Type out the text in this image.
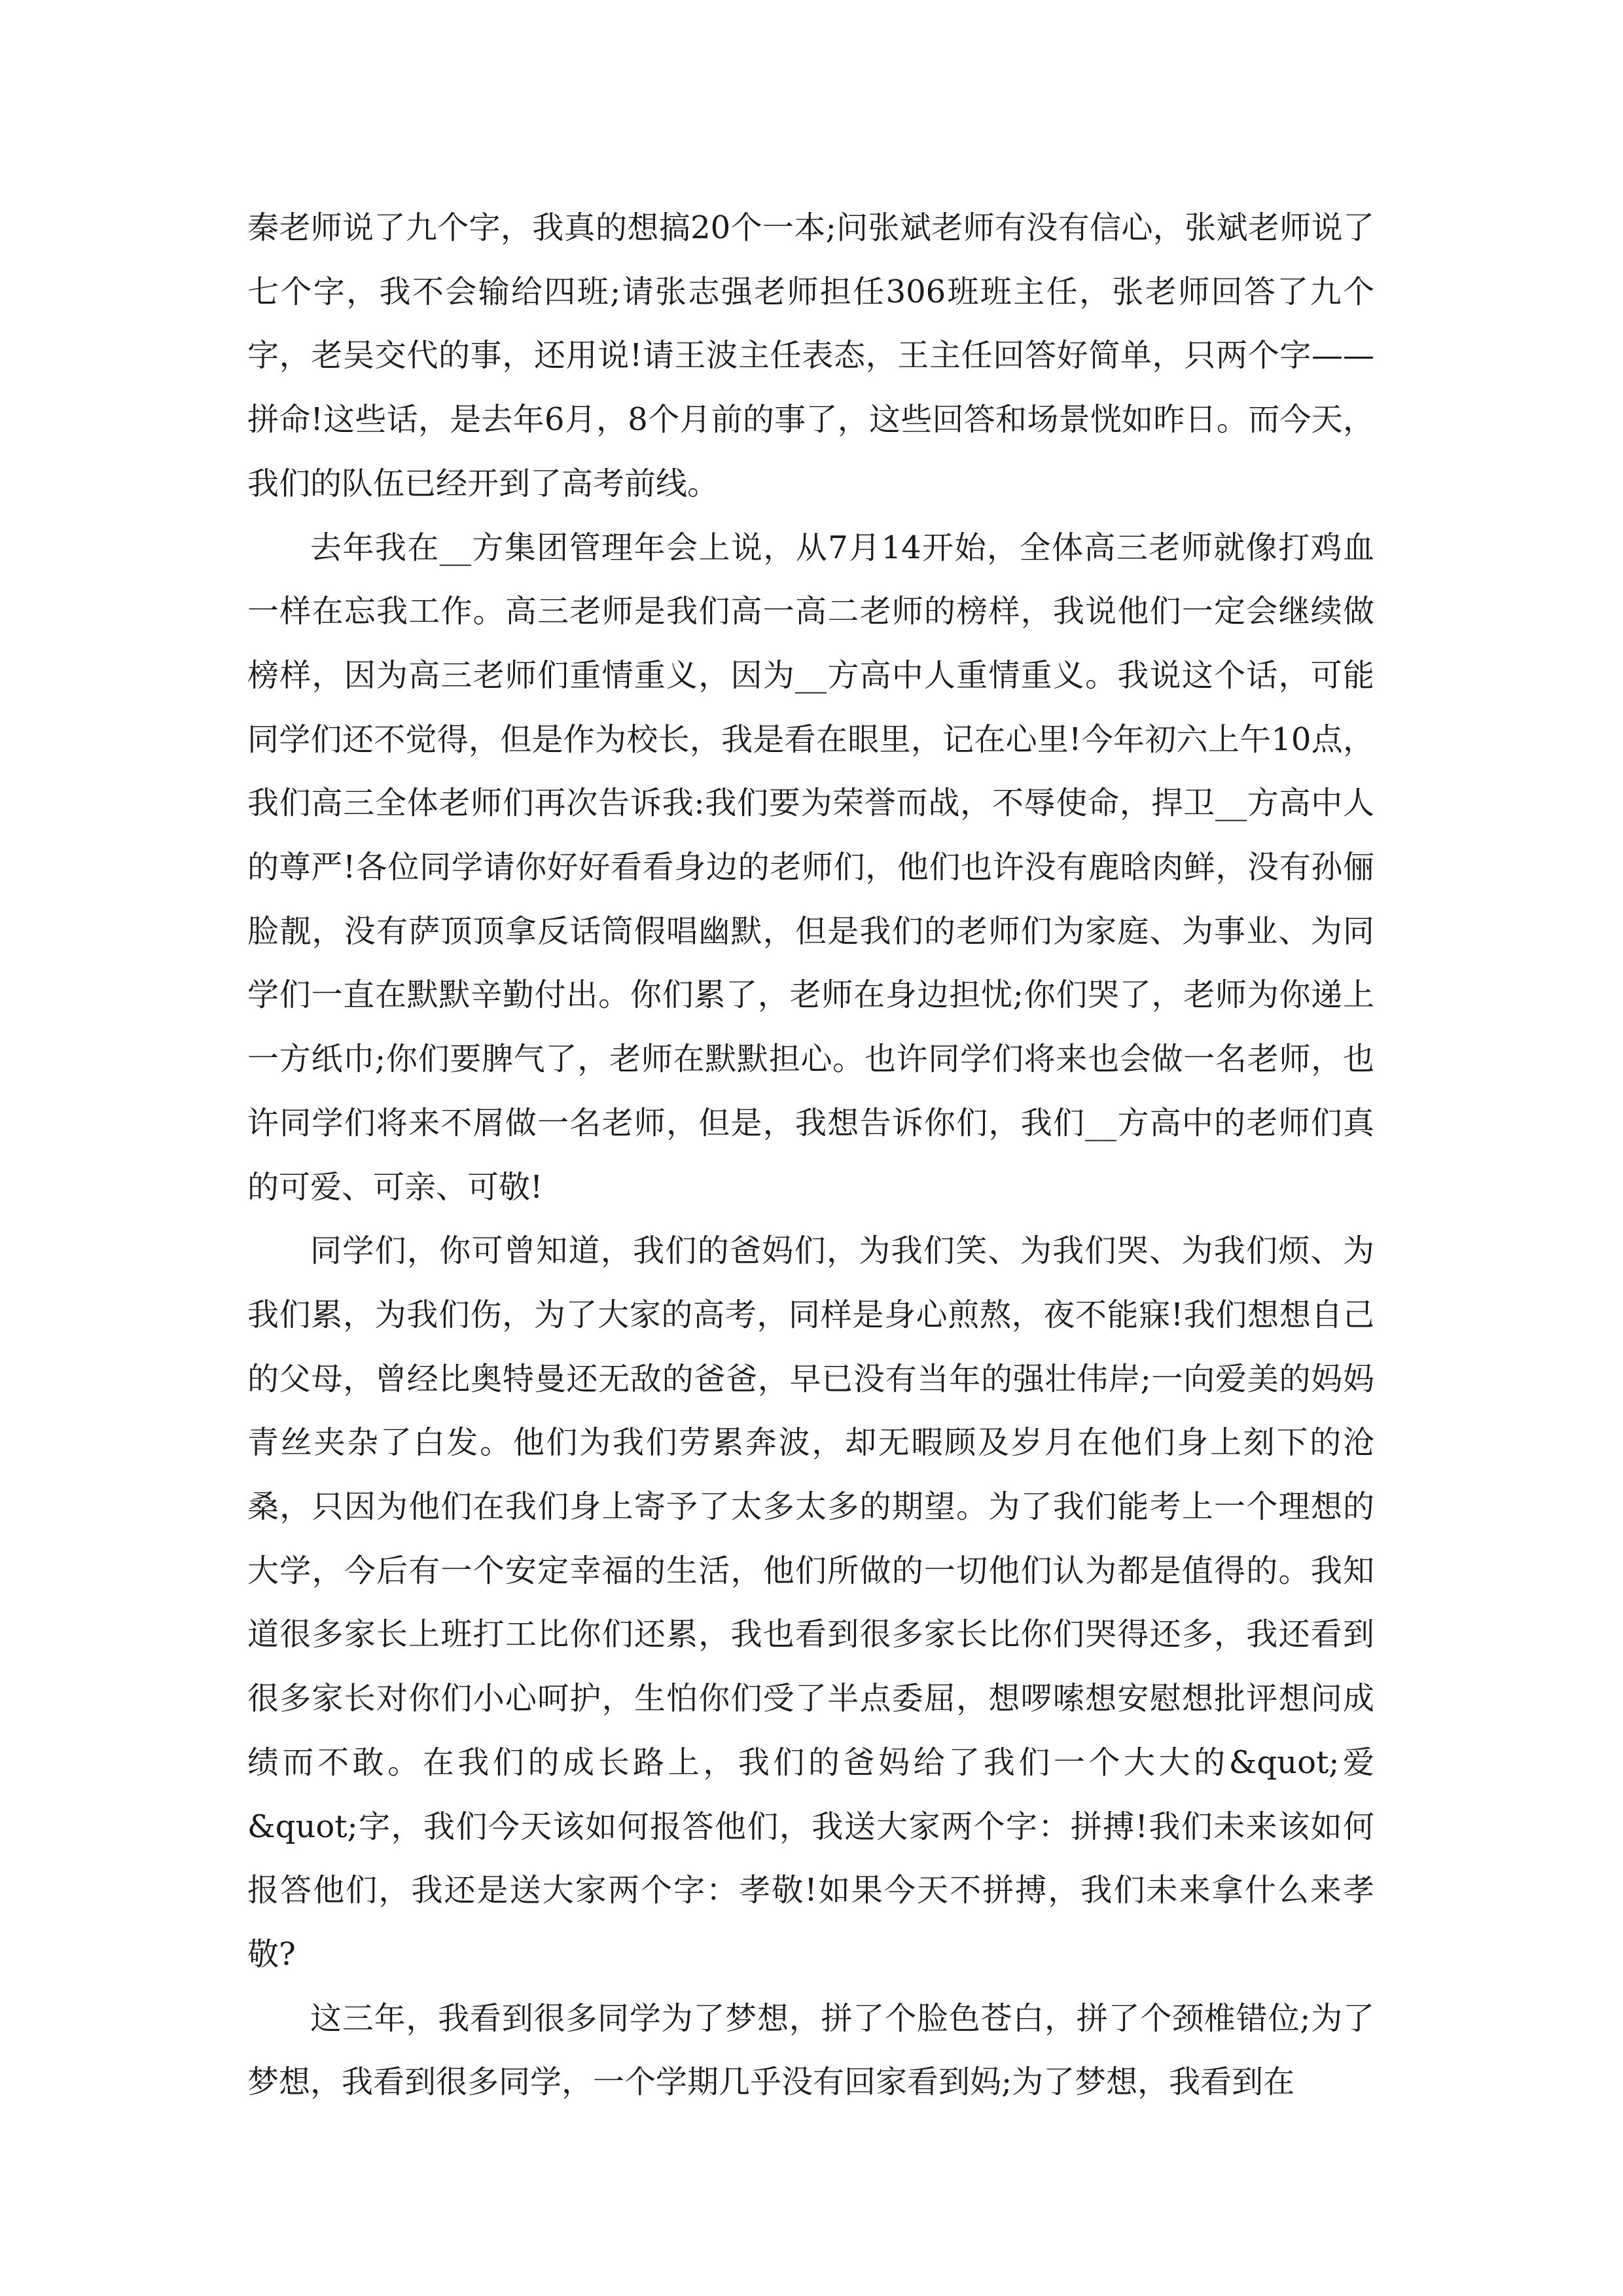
秦老师说了九个字，我真的想搞20个一本;问张斌老师有没有信心，张斌老师说了七个字，我不会输给四班;请张志强老师担任306班班主任，张老师回答了九个字，老吴交代的事，还用说!请王波主任表态，王主任回答好简单，只两个字——拼命!这些话，是去年6月，8个月前的事了，这些回答和场景恍如昨日。而今天，我们的队伍已经开到了高考前线。

去年我在__方集团管理年会上说，从7月14开始，全体高三老师就像打鸡血一样在忘我工作。高三老师是我们高一高二老师的榜样，我说他们一定会继续做榜样，因为高三老师们重情重义，因为__方高中人重情重义。我说这个话，可能同学们还不觉得，但是作为校长，我是看在眼里，记在心里!今年初六上午10点，我们高三全体老师们再次告诉我:我们要为荣誉而战，不辱使命，捍卫__方高中人的尊严!各位同学请你好好看看身边的老师们，他们也许没有鹿晗肉鲜，没有孙俪脸靓，没有萨顶顶拿反话筒假唱幽默，但是我们的老师们为家庭、为事业、为同学们一直在默默辛勤付出。你们累了，老师在身边担忧;你们哭了，老师为你递上一方纸巾;你们要脾气了，老师在默默担心。也许同学们将来也会做一名老师，也许同学们将来不屑做一名老师，但是，我想告诉你们，我们__方高中的老师们真的可爱、可亲、可敬!

同学们，你可曾知道，我们的爸妈们，为我们笑、为我们哭、为我们烦、为我们累，为我们伤，为了大家的高考，同样是身心煎熬，夜不能寐!我们想想自己的父母，曾经比奥特曼还无敌的爸爸，早已没有当年的强壮伟岸;一向爱美的妈妈青丝夹杂了白发。他们为我们劳累奔波，却无暇顾及岁月在他们身上刻下的沧桑，只因为他们在我们身上寄予了太多太多的期望。为了我们能考上一个理想的大学，今后有一个安定幸福的生活，他们所做的一切他们认为都是值得的。我知道很多家长上班打工比你们还累，我也看到很多家长比你们哭得还多，我还看到很多家长对你们小心呵护，生怕你们受了半点委屈，想啰嗦想安慰想批评想问成绩而不敢。在我们的成长路上，我们的爸妈给了我们一个大大的&quot;爱&quot;字，我们今天该如何报答他们，我送大家两个字：拼搏!我们未来该如何报答他们，我还是送大家两个字：孝敬!如果今天不拼搏，我们未来拿什么来孝敬?

这三年，我看到很多同学为了梦想，拼了个脸色苍白，拼了个颈椎错位;为了梦想，我看到很多同学，一个学期几乎没有回家看到妈;为了梦想，我看到在
